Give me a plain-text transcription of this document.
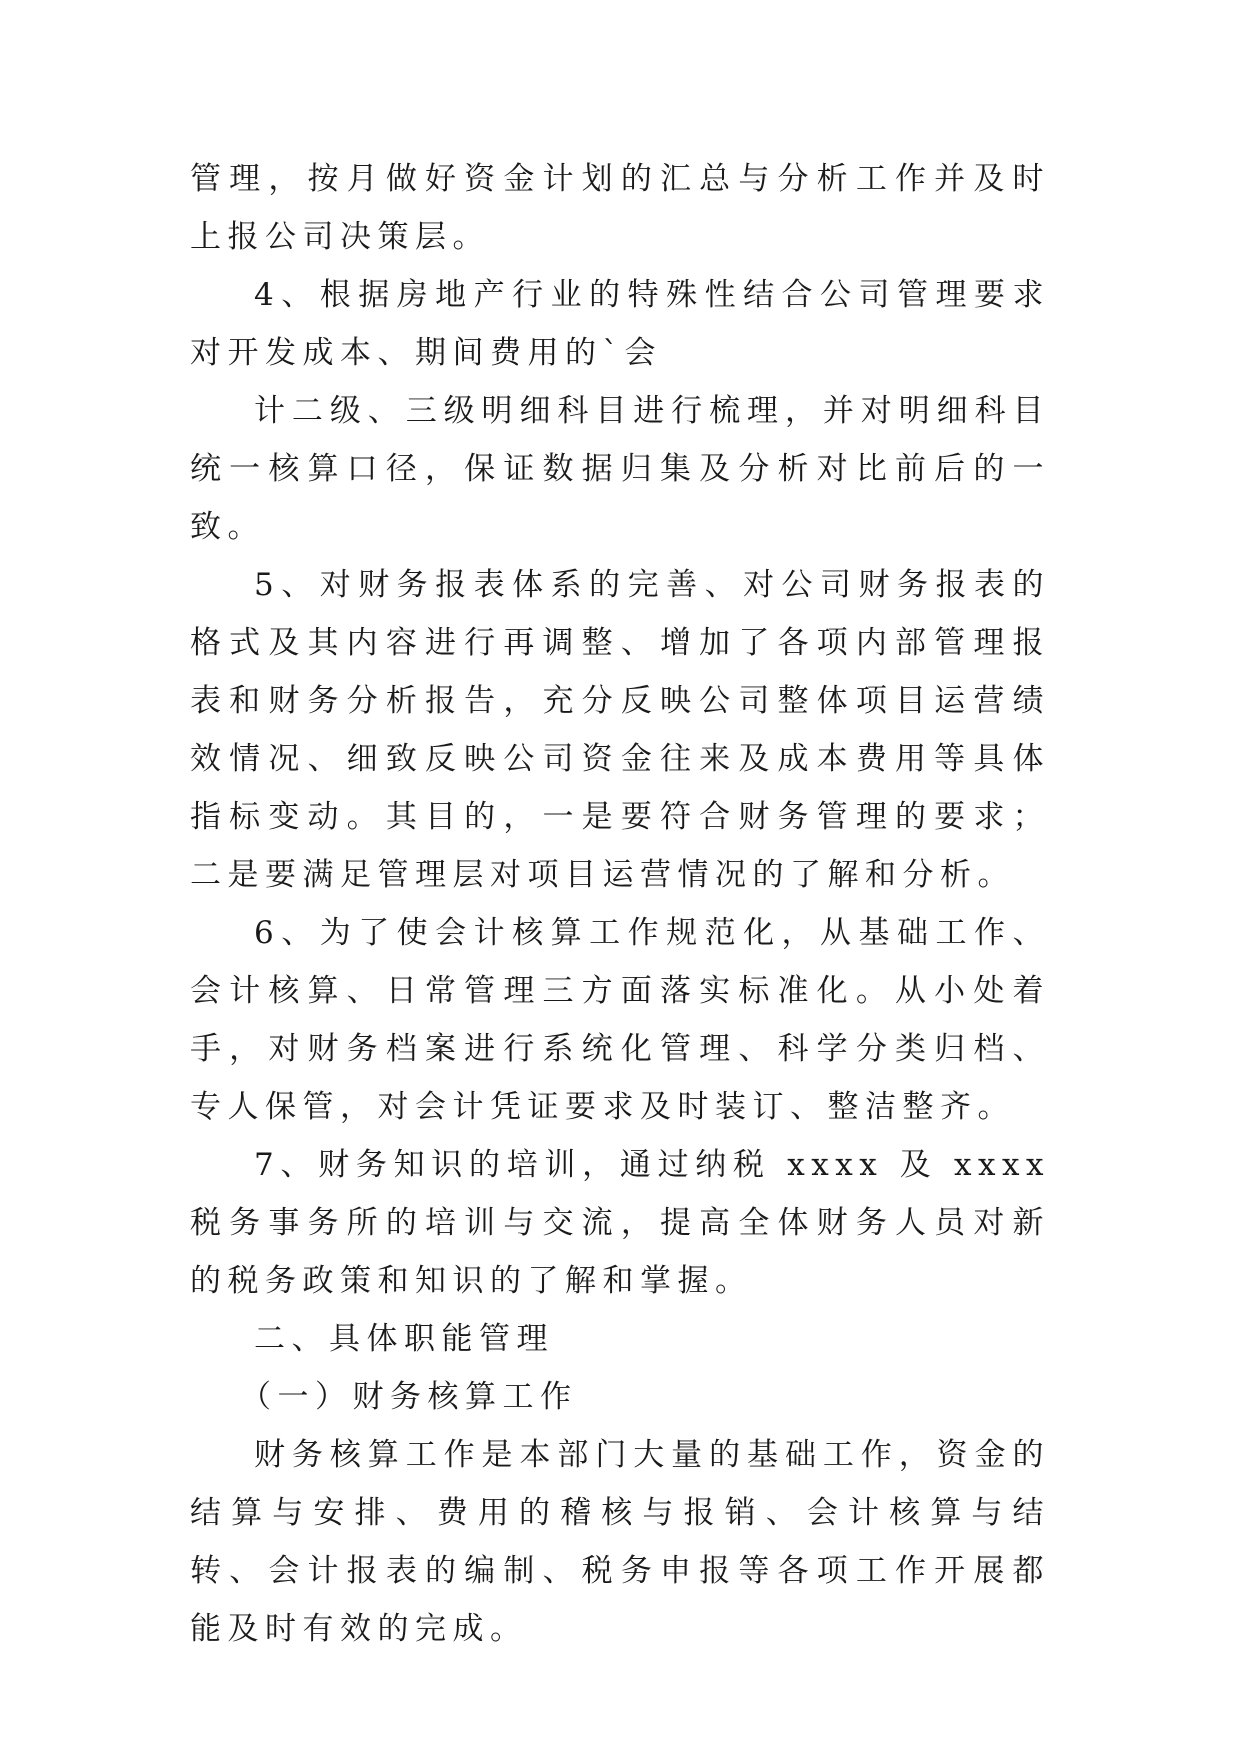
管理，按月做好资金计划的汇总与分析工作并及时上报公司决策层。

4、根据房地产行业的特殊性结合公司管理要求对开发成本、期间费用的`会

计二级、三级明细科目进行梳理，并对明细科目统一核算口径，保证数据归集及分析对比前后的一致。

5、对财务报表体系的完善、对公司财务报表的格式及其内容进行再调整、增加了各项内部管理报表和财务分析报告，充分反映公司整体项目运营绩效情况、细致反映公司资金往来及成本费用等具体指标变动。其目的，一是要符合财务管理的要求；二是要满足管理层对项目运营情况的了解和分析。

6、为了使会计核算工作规范化，从基础工作、会计核算、日常管理三方面落实标准化。从小处着手，对财务档案进行系统化管理、科学分类归档、专人保管，对会计凭证要求及时装订、整洁整齐。

7、财务知识的培训，通过纳税 xxxx 及 xxxx 税务事务所的培训与交流，提高全体财务人员对新的税务政策和知识的了解和掌握。

二、具体职能管理

（一）财务核算工作

财务核算工作是本部门大量的基础工作，资金的结算与安排、费用的稽核与报销、会计核算与结转、会计报表的编制、税务申报等各项工作开展都能及时有效的完成。
